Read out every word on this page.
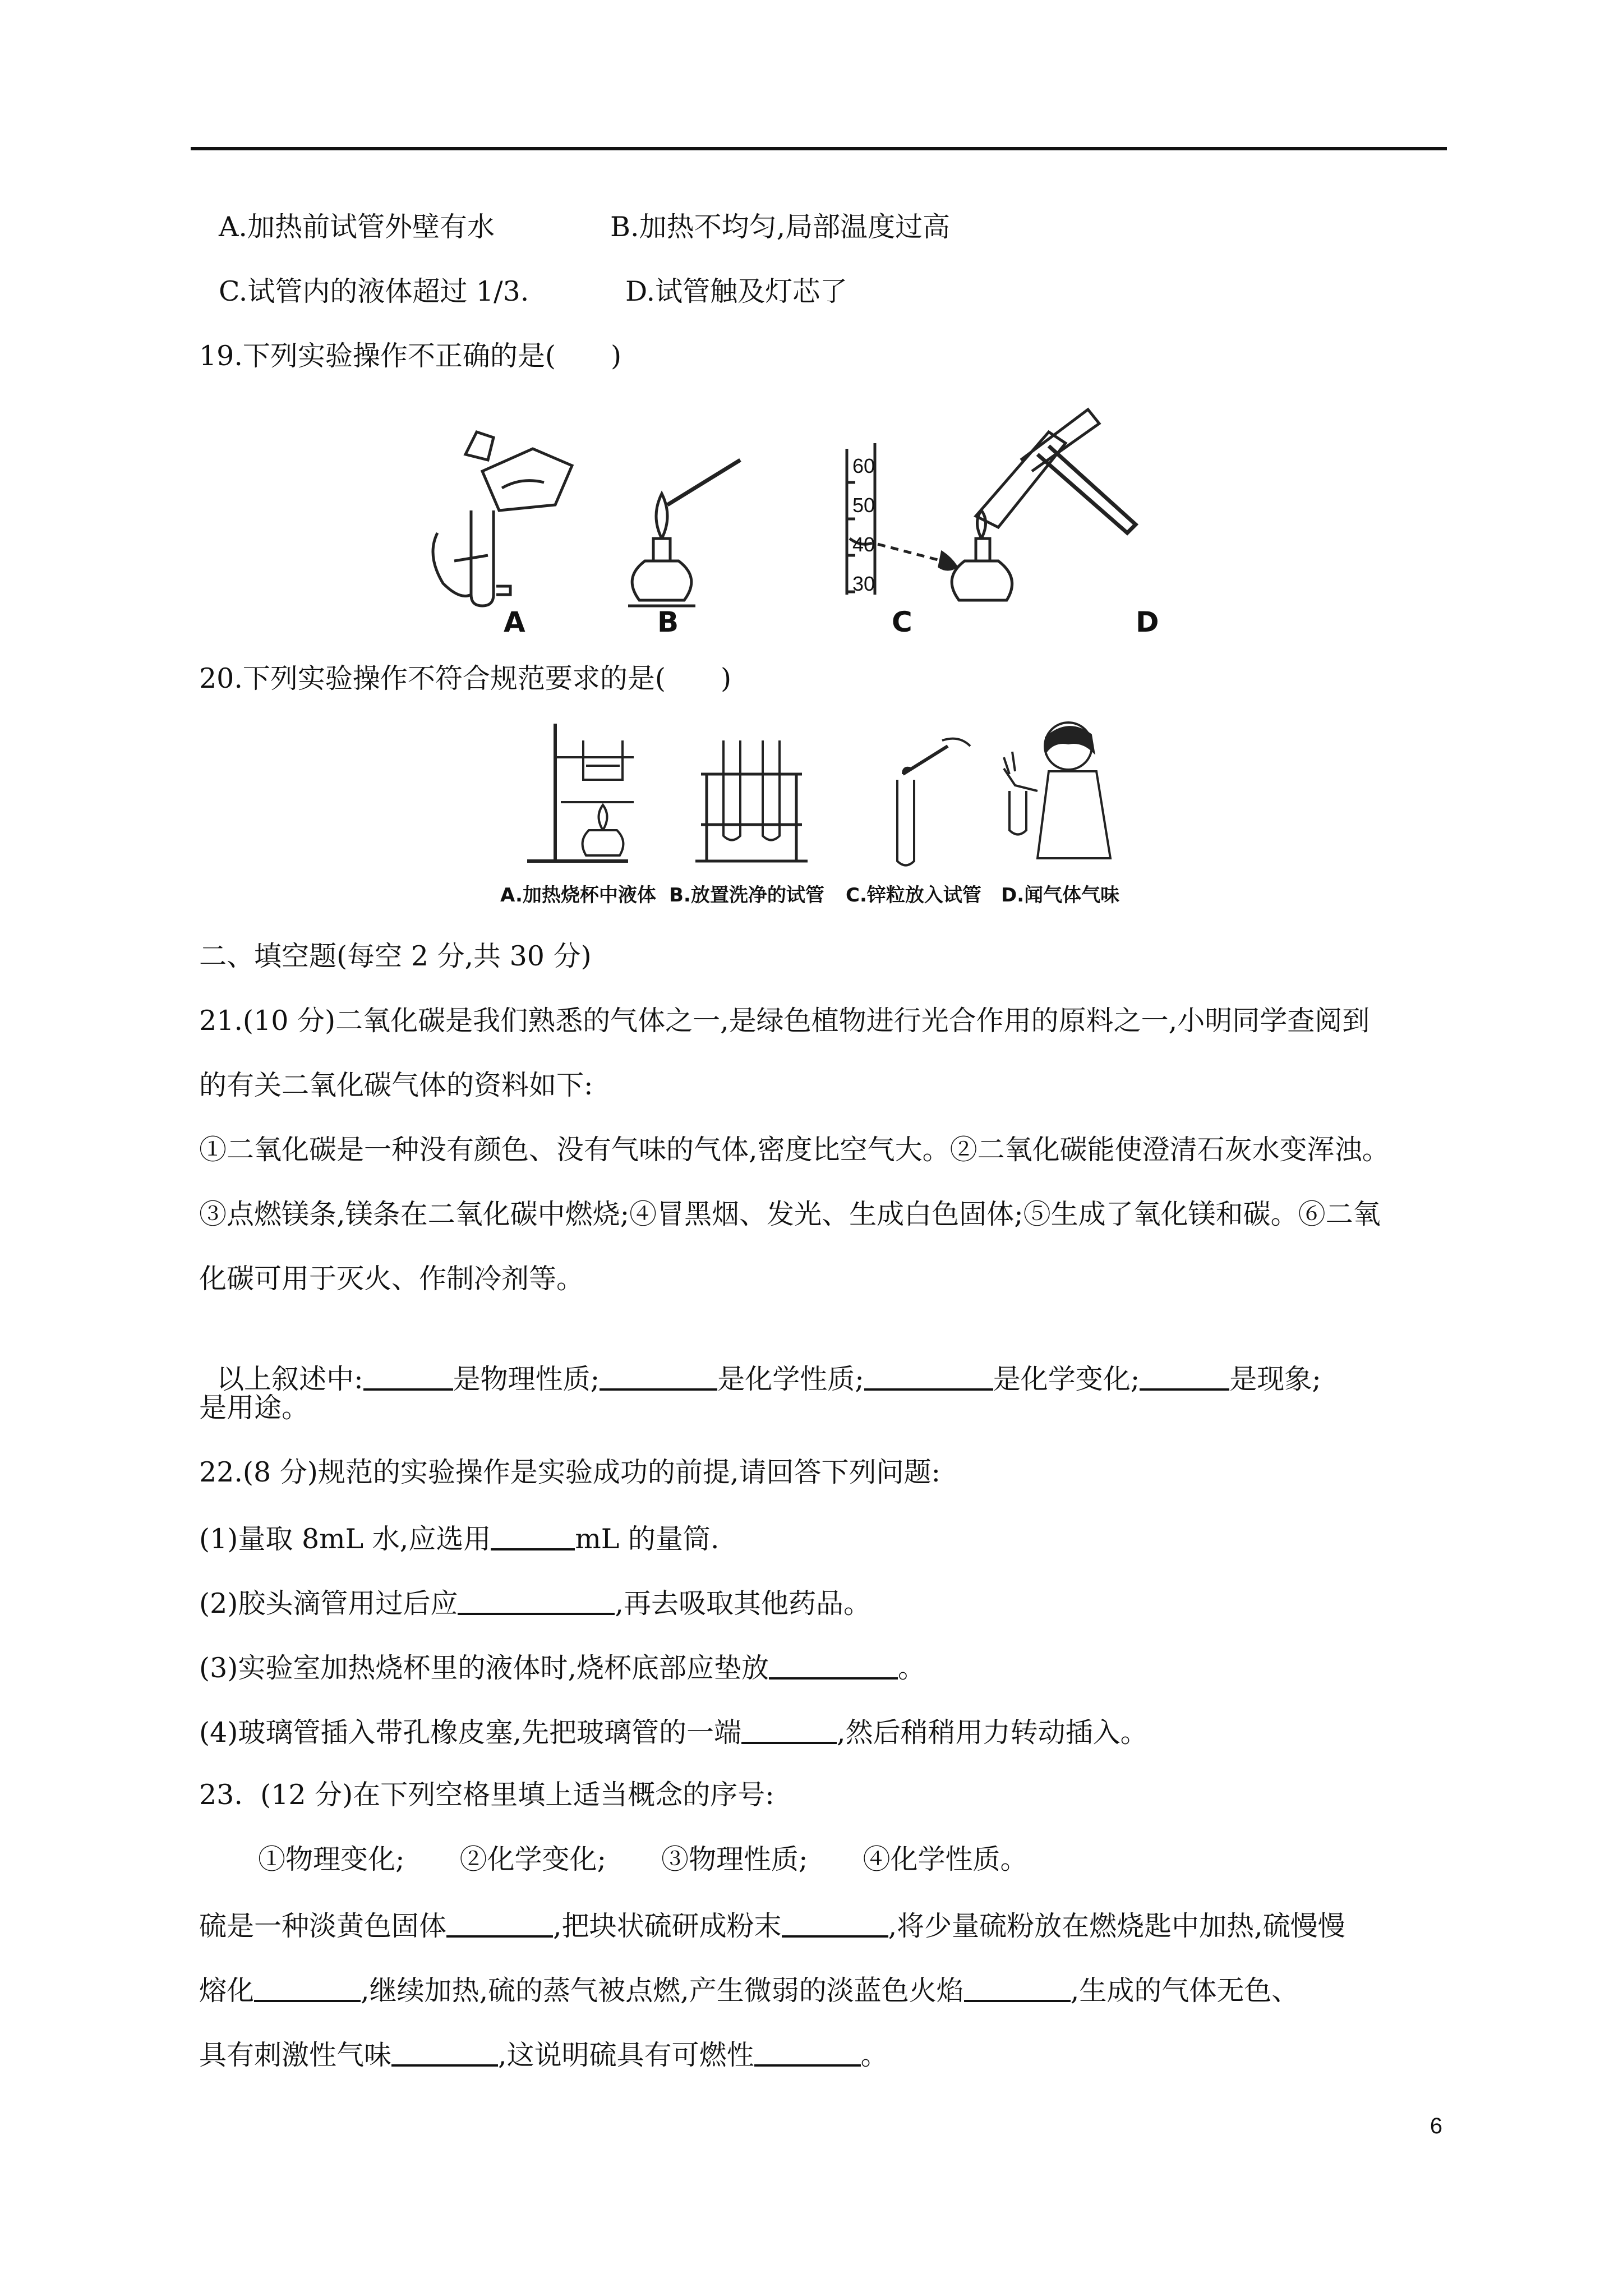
A.加热前试管外壁有水	B.加热不均匀,局部温度过高
C.试管内的液体超过 1/3.	D.试管触及灯芯了
19.下列实验操作不正确的是(　　)
A	B	C	D
60
50
40
30
20.下列实验操作不符合规范要求的是(　　)
A.加热烧杯中液体 B.放置洗净的试管 C.锌粒放入试管 D.闻气体气味
二、填空题(每空 2 分,共 30 分)
21.(10 分)二氧化碳是我们熟悉的气体之一,是绿色植物进行光合作用的原料之一,小明同学查阅到
的有关二氧化碳气体的资料如下:
①二氧化碳是一种没有颜色、没有气味的气体,密度比空气大。②二氧化碳能使澄清石灰水变浑浊。
③点燃镁条,镁条在二氧化碳中燃烧;④冒黑烟、发光、生成白色固体;⑤生成了氧化镁和碳。⑥二氧
化碳可用于灭火、作制冷剂等。

以上叙述中:	是物理性质;	是化学性质;	是化学变化;	是现象;

是用途。
22.(8 分)规范的实验操作是实验成功的前提,请回答下列问题:
(1)量取 8mL 水,应选用	mL 的量筒.
(2)胶头滴管用过后应	,再去吸取其他药品。
(3)实验室加热烧杯里的液体时,烧杯底部应垫放	。
(4)玻璃管插入带孔橡皮塞,先把玻璃管的一端	,然后稍稍用力转动插入。
23.  (12 分)在下列空格里填上适当概念的序号:
①物理变化;　　②化学变化;　　③物理性质;　　④化学性质。
硫是一种淡黄色固体	,把块状硫研成粉末	,将少量硫粉放在燃烧匙中加热,硫慢慢
熔化	,继续加热,硫的蒸气被点燃,产生微弱的淡蓝色火焰	,生成的气体无色、
具有刺激性气味	,这说明硫具有可燃性	。
6
